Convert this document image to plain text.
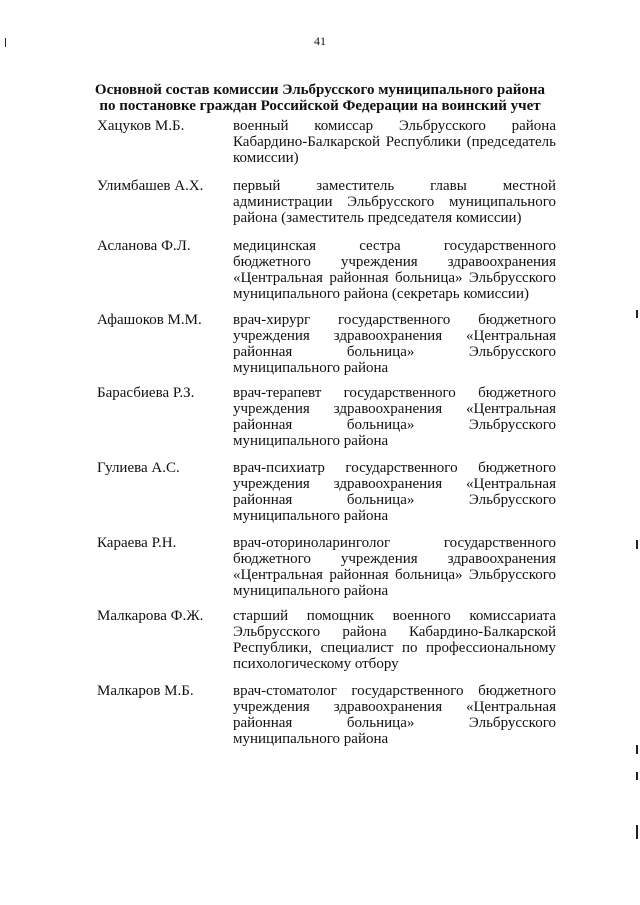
41
Основной состав комиссии Эльбрусского муниципального района
по постановке граждан Российской Федерации на воинский учет
Хацуков М.Б.	военный комиссар Эльбрусского района Кабардино-Балкарской Республики (председатель комиссии)
Улимбашев А.Х. первый заместитель главы местной администрации Эльбрусского муниципального района (заместитель председателя комиссии)
Асланова Ф.Л.	медицинская сестра государственного бюджетного учреждения здравоохранения «Центральная районная больница» Эльбрусского муниципального района (секретарь комиссии)
Афашоков М.М. врач-хирург государственного бюджетного учреждения здравоохранения «Центральная районная больница» Эльбрусского муниципального района
Барасбиева Р.З.	врач-терапевт государственного бюджетного учреждения здравоохранения «Центральная районная больница» Эльбрусского муниципального района
Гулиева А.С.	врач-психиатр государственного бюджетного учреждения здравоохранения «Центральная районная больница» Эльбрусского муниципального района
Караева Р.Н.	врач-оториноларинголог государственного бюджетного учреждения здравоохранения «Центральная районная больница» Эльбрусского муниципального района
Малкарова Ф.Ж. старший помощник военного комиссариата Эльбрусского района Кабардино-Балкарской Республики, специалист по профессиональному психологическому отбору
Малкаров М.Б.	врач-стоматолог государственного бюджетного учреждения здравоохранения «Центральная районная больница» Эльбрусского муниципального района
